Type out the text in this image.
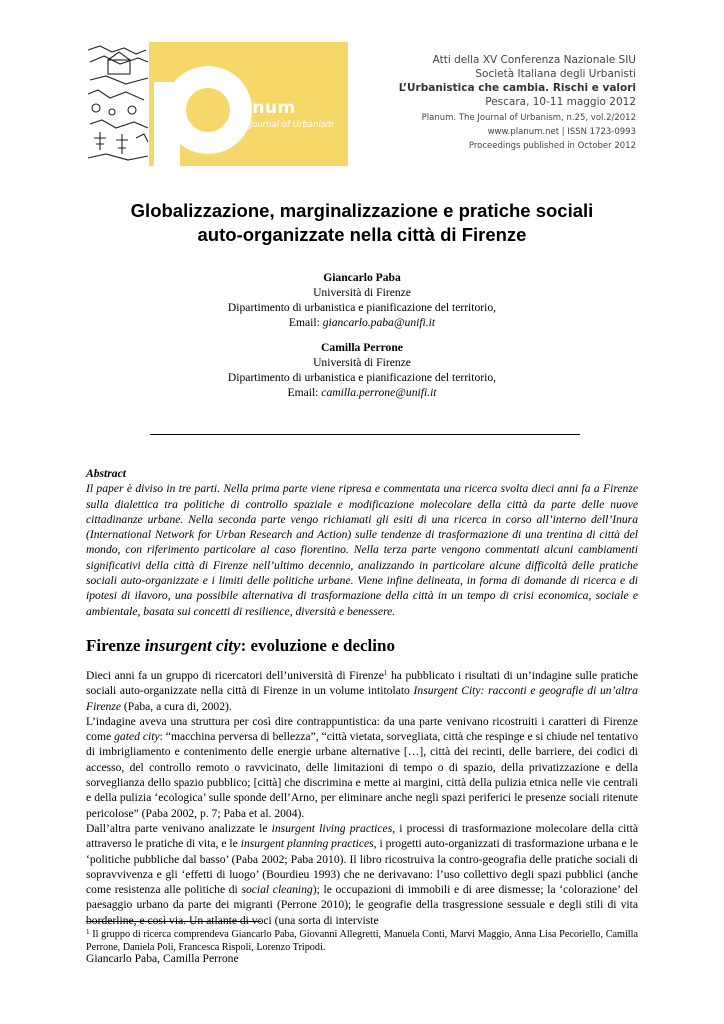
lanum
The Journal of Urbanism
Atti della XV Conferenza Nazionale SIU
Società Italiana degli Urbanisti
L’Urbanistica che cambia. Rischi e valori
Pescara, 10-11 maggio 2012
Planum. The Journal of Urbanism, n.25, vol.2/2012
www.planum.net | ISSN 1723-0993
Proceedings published in October 2012
Globalizzazione, marginalizzazione e pratiche sociali
auto-organizzate nella città di Firenze
Giancarlo Paba
Università di Firenze
Dipartimento di urbanistica e pianificazione del territorio,
Email: giancarlo.paba@unifi.it
Camilla Perrone
Università di Firenze
Dipartimento di urbanistica e pianificazione del territorio,
Email: camilla.perrone@unifi.it
Abstract
Il paper è diviso in tre parti. Nella prima parte viene ripresa e commentata una ricerca svolta dieci anni fa a Firenze sulla dialettica tra politiche di controllo spaziale e modificazione molecolare della città da parte delle nuove cittadinanze urbane. Nella seconda parte vengo richiamati gli esiti di una ricerca in corso all’interno dell’Inura (International Network for Urban Research and Action) sulle tendenze di trasformazione di una trentina di città del mondo, con riferimento particolare al caso fiorentino. Nella terza parte vengono commentati alcuni cambiamenti significativi della città di Firenze nell’ultimo decennio, analizzando in particolare alcune difficoltà delle pratiche sociali auto-organizzate e i limiti delle politiche urbane. Viene infine delineata, in forma di domande di ricerca e di ipotesi di ilavoro, una possibile alternativa di trasformazione della città in un tempo di crisi economica, sociale e ambientale, basata sui concetti di resilience, diversità e benessere.
Firenze insurgent city: evoluzione e declino

Dieci anni fa un gruppo di ricercatori dell’università di Firenze$^1$ ha pubblicato i risultati di un’indagine sulle pratiche sociali auto-organizzate nella città di Firenze in un volume intitolato Insurgent City: racconti e geografie di un’altra Firenze (Paba, a cura di, 2002).

L’indagine aveva una struttura per così dire contrappuntistica: da una parte venivano ricostruiti i caratteri di Firenze come gated city: “macchina perversa di bellezza”, “città vietata, sorvegliata, città che respinge e si chiude nel tentativo di imbrigliamento e contenimento delle energie urbane alternative […], città dei recinti, delle barriere, dei codici di accesso, del controllo remoto o ravvicinato, delle limitazioni di tempo o di spazio, della privatizzazione e della sorveglianza dello spazio pubblico; [città] che discrimina e mette ai margini, città della pulizia etnica nelle vie centrali e della pulizia ‘ecologica’ sulle sponde dell’Arno, per eliminare anche negli spazi periferici le presenze sociali ritenute pericolose” (Paba 2002, p. 7; Paba et al. 2004).

Dall’altra parte venivano analizzate le insurgent living practices, i processi di trasformazione molecolare della città attraverso le pratiche di vita, e le insurgent planning practices, i progetti auto-organizzati di trasformazione urbana e le ‘politiche pubbliche dal basso’ (Paba 2002; Paba 2010). Il libro ricostruiva la contro-geografia delle pratiche sociali di sopravvivenza e gli ‘effetti di luogo’ (Bourdieu 1993) che ne derivavano: l’uso collettivo degli spazi pubblici (anche come resistenza alle politiche di social cleaning); le occupazioni di immobili e di aree dismesse; la ‘colorazione’ del paesaggio urbano da parte dei migranti (Perrone 2010); le geografie della trasgressione sessuale e degli stili di vita borderline, e così via. Un atlante di voci (una sorta di interviste

$^1$ Il gruppo di ricerca comprendeva Giancarlo Paba, Giovanni Allegretti, Manuela Conti, Marvi Maggio, Anna Lisa Pecoriello, Camilla Perrone, Daniela Poli, Francesca Rispoli, Lorenzo Tripodi.
Giancarlo Paba, Camilla Perrone
